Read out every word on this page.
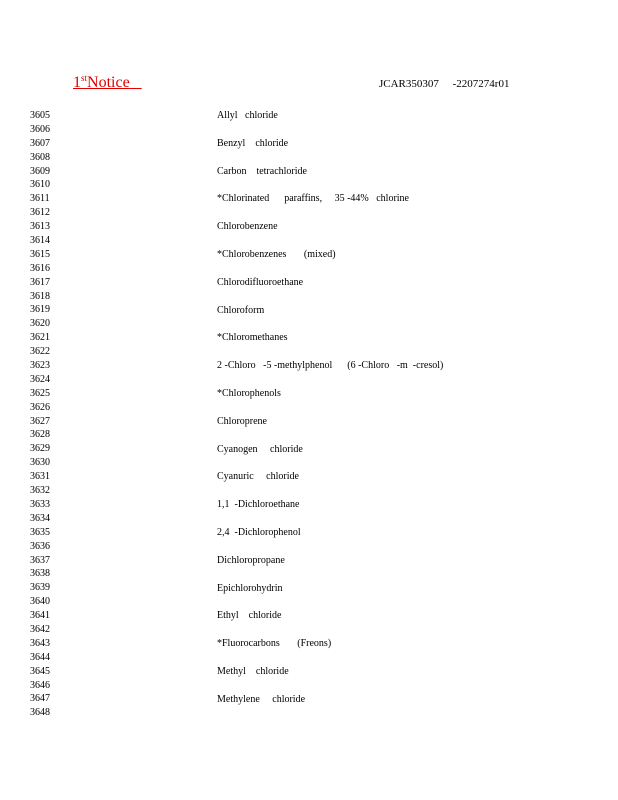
1stNotice	JCAR350307     -2207274r01
3605
3606
3607
3608
3609
3610
3611
3612
3613
3614
3615
3616
3617
3618
3619
3620
3621
3622
3623
3624
3625
3626
3627
3628
3629
3630
3631
3632
3633
3634
3635
3636
3637
3638
3639
3640
3641
3642
3643
3644
3645
3646
3647
3648
Allyl   chloride
Benzyl    chloride
Carbon    tetrachloride
*Chlorinated      paraffins,     35 -44%   chlorine
Chlorobenzene
*Chlorobenzenes       (mixed)
Chlorodifluoroethane
Chloroform
*Chloromethanes
2 -Chloro   -5 -methylphenol      (6 -Chloro   -m  -cresol)
*Chlorophenols
Chloroprene
Cyanogen     chloride
Cyanuric     chloride
1,1  -Dichloroethane
2,4  -Dichlorophenol
Dichloropropane
Epichlorohydrin
Ethyl    chloride
*Fluorocarbons       (Freons)
Methyl    chloride
Methylene     chloride
